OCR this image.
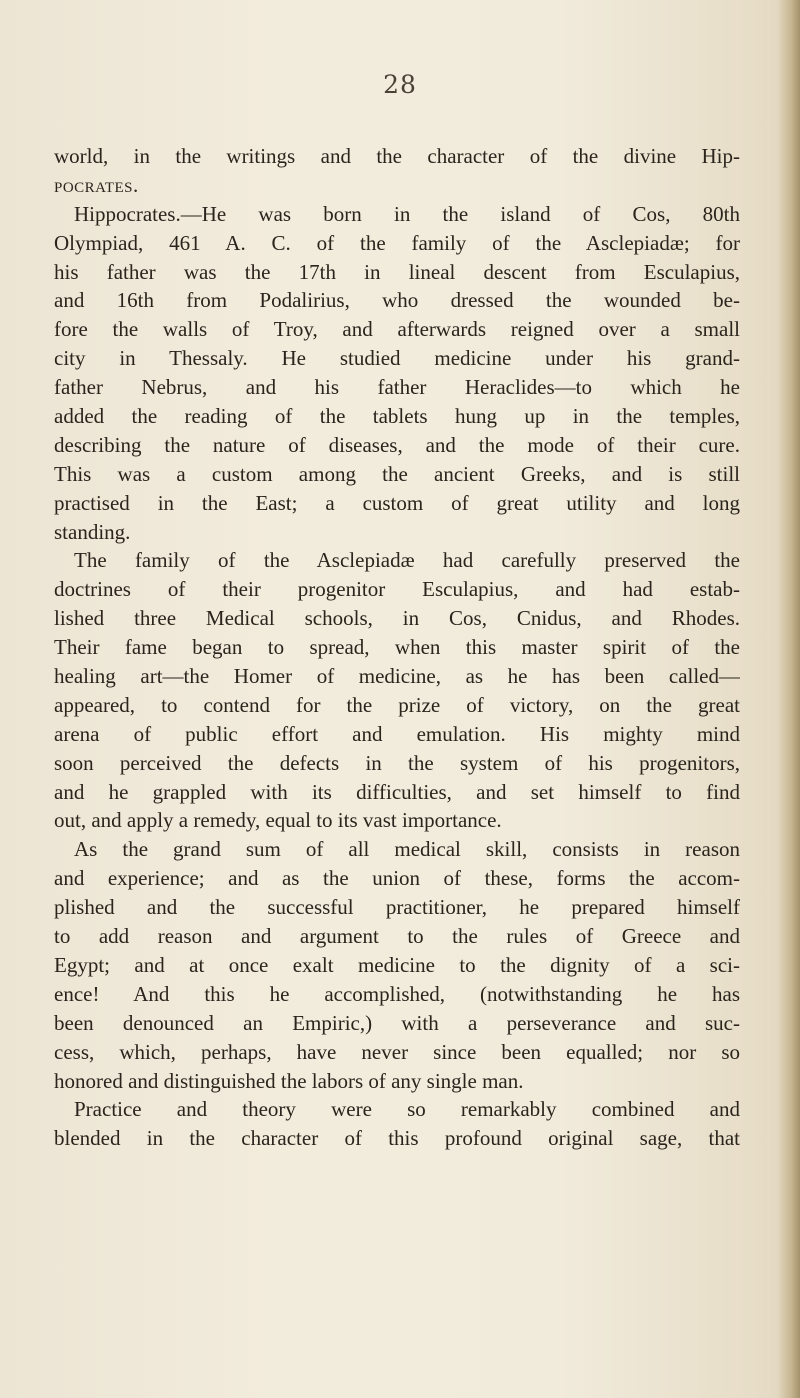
28
world, in the writings and the character of the divine Hip-
pocrates.
Hippocrates.—He was born in the island of Cos, 80th
Olympiad, 461 A. C. of the family of the Asclepiadæ; for
his father was the 17th in lineal descent from Esculapius,
and 16th from Podalirius, who dressed the wounded be-
fore the walls of Troy, and afterwards reigned over a small
city in Thessaly. He studied medicine under his grand-
father Nebrus, and his father Heraclides—to which he
added the reading of the tablets hung up in the temples,
describing the nature of diseases, and the mode of their cure.
This was a custom among the ancient Greeks, and is still
practised in the East; a custom of great utility and long
standing.
The family of the Asclepiadæ had carefully preserved the
doctrines of their progenitor Esculapius, and had estab-
lished three Medical schools, in Cos, Cnidus, and Rhodes.
Their fame began to spread, when this master spirit of the
healing art—the Homer of medicine, as he has been called—
appeared, to contend for the prize of victory, on the great
arena of public effort and emulation. His mighty mind
soon perceived the defects in the system of his progenitors,
and he grappled with its difficulties, and set himself to find
out, and apply a remedy, equal to its vast importance.
As the grand sum of all medical skill, consists in reason
and experience; and as the union of these, forms the accom-
plished and the successful practitioner, he prepared himself
to add reason and argument to the rules of Greece and
Egypt; and at once exalt medicine to the dignity of a sci-
ence! And this he accomplished, (notwithstanding he has
been denounced an Empiric,) with a perseverance and suc-
cess, which, perhaps, have never since been equalled; nor so
honored and distinguished the labors of any single man.
Practice and theory were so remarkably combined and
blended in the character of this profound original sage, that
